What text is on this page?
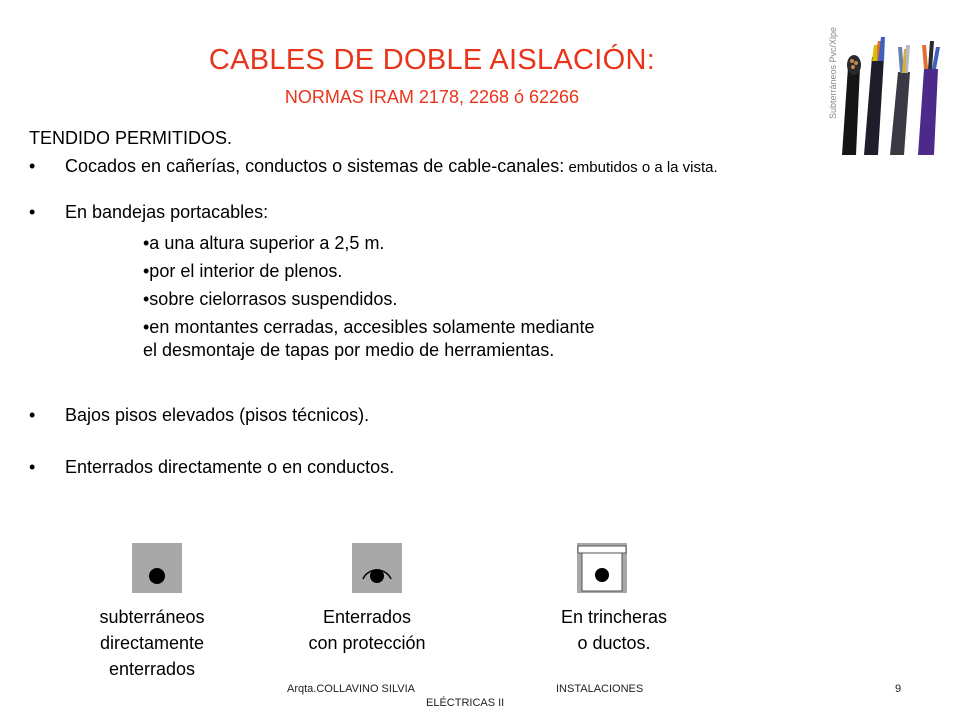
CABLES DE DOBLE AISLACIÓN:
NORMAS IRAM 2178, 2268 ó 62266	Subterráneos Pvc/Xlpe
TENDIDO PERMITIDOS.
• Cocados en cañerías, conductos o sistemas de cable-canales: embutidos o a la vista.
• En bandejas portacables:
•a una altura superior a 2,5 m.
•por el interior de plenos.
•sobre cielorrasos suspendidos.
•en montantes cerradas, accesibles solamente mediante el desmontaje de tapas por medio de herramientas.
• Bajos pisos elevados (pisos técnicos).
• Enterrados directamente o en conductos.
subterráneos
directamente
enterrados
Enterrados
con protección
En trincheras
o ductos.
Arqta.COLLAVINO SILVIA	INSTALACIONES
ELÉCTRICAS II
9
